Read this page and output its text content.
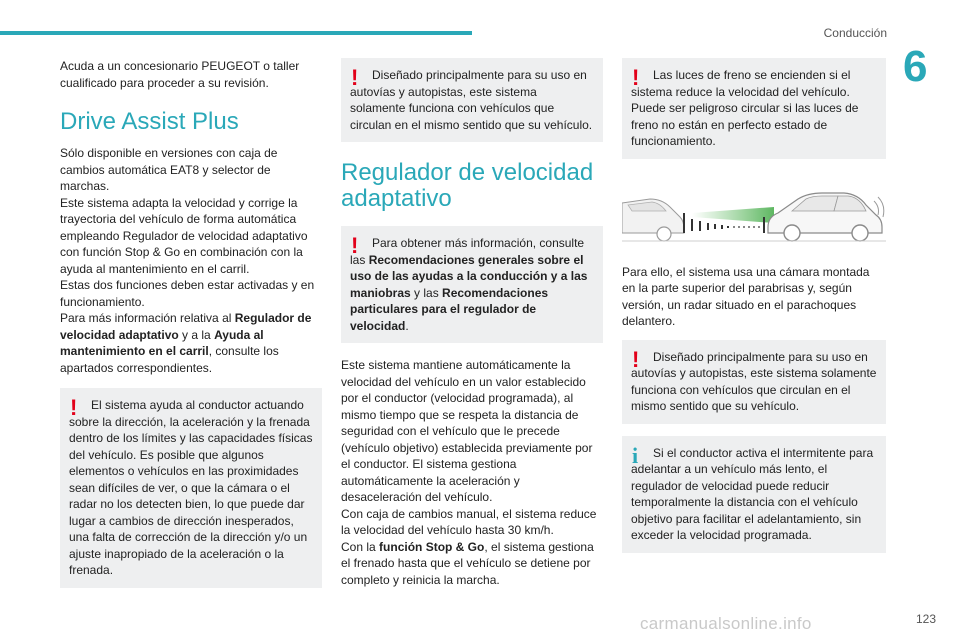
Conducción
6

Acuda a un concesionario PEUGEOT o taller cualificado para proceder a su revisión.

Drive Assist Plus

Sólo disponible en versiones con caja de cambios automática EAT8 y selector de marchas.

Este sistema adapta la velocidad y corrige la trayectoria del vehículo de forma automática empleando Regulador de velocidad adaptativo con función Stop & Go en combinación con la ayuda al mantenimiento en el carril.

Estas dos funciones deben estar activadas y en funcionamiento.

Para más información relativa al Regulador de velocidad adaptativo y a la Ayuda al mantenimiento en el carril, consulte los apartados correspondientes.

!	El sistema ayuda al conductor actuando sobre la dirección, la aceleración y la frenada dentro de los límites y las capacidades físicas del vehículo. Es posible que algunos elementos o vehículos en las proximidades sean difíciles de ver, o que la cámara o el radar no los detecten bien, lo que puede dar lugar a cambios de dirección inesperados, una falta de corrección de la dirección y/o un ajuste inapropiado de la aceleración o la frenada.

!	Diseñado principalmente para su uso en autovías y autopistas, este sistema solamente funciona con vehículos que circulan en el mismo sentido que su vehículo.

Regulador de velocidad adaptativo
!	Para obtener más información, consulte las Recomendaciones generales sobre el uso de las ayudas a la conducción y a las maniobras y las Recomendaciones particulares para el regulador de velocidad.

Este sistema mantiene automáticamente la velocidad del vehículo en un valor establecido por el conductor (velocidad programada), al mismo tiempo que se respeta la distancia de seguridad con el vehículo que le precede (vehículo objetivo) establecida previamente por el conductor. El sistema gestiona automáticamente la aceleración y desaceleración del vehículo.

Con caja de cambios manual, el sistema reduce la velocidad del vehículo hasta 30 km/h.

Con la función Stop & Go, el sistema gestiona el frenado hasta que el vehículo se detiene por completo y reinicia la marcha.

!	Las luces de freno se encienden si el sistema reduce la velocidad del vehículo. Puede ser peligroso circular si las luces de freno no están en perfecto estado de funcionamiento.

Para ello, el sistema usa una cámara montada en la parte superior del parabrisas y, según versión, un radar situado en el parachoques delantero.

!	Diseñado principalmente para su uso en autovías y autopistas, este sistema solamente funciona con vehículos que circulan en el mismo sentido que su vehículo.

i	Si el conductor activa el intermitente para adelantar a un vehículo más lento, el regulador de velocidad puede reducir temporalmente la distancia con el vehículo objetivo para facilitar el adelantamiento, sin exceder la velocidad programada.

carmanualsonline.info	123
